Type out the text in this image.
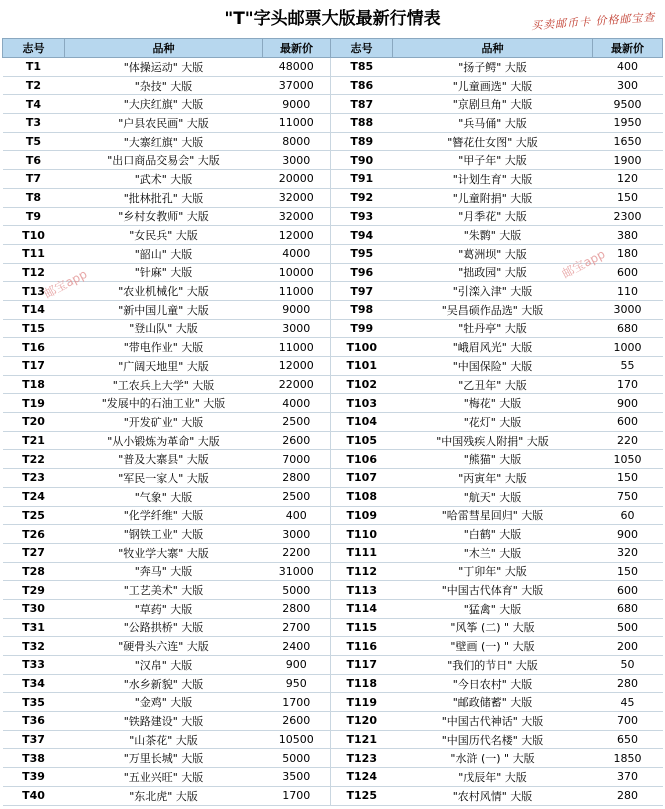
"T"字头邮票大版最新行情表	买卖邮币卡 价格邮宝查
志号	品种	最新价	志号	品种	最新价
T1	"体操运动" 大版	48000	T85	"扬子鳄" 大版	400
T2	"杂技" 大版	37000	T86	"儿童画选" 大版	300
T4	"大庆红旗" 大版	9000	T87	"京剧旦角" 大版	9500
T3	"户县农民画" 大版	11000	T88	"兵马俑" 大版	1950
T5	"大寨红旗" 大版	8000	T89	"簪花仕女图" 大版	1650
T6	"出口商品交易会" 大版	3000	T90	"甲子年" 大版	1900
T7	"武术" 大版	20000	T91	"计划生育" 大版	120
T8	"批林批孔" 大版	32000	T92	"儿童附捐" 大版	150
T9	"乡村女教师" 大版	32000	T93	"月季花" 大版	2300
T10	"女民兵" 大版	12000	T94	"朱鹮" 大版	380
T11	"韶山" 大版	4000	T95	"葛洲坝" 大版	180
T12	"针麻" 大版	10000	T96	"拙政园" 大版	600
T13	"农业机械化" 大版	11000	T97	"引滦入津" 大版	110
T14	"新中国儿童" 大版	9000	T98	"吴昌硕作品选" 大版	3000
T15	"登山队" 大版	3000	T99	"牡丹亭" 大版	680
T16	"带电作业" 大版	11000	T100	"峨眉风光" 大版	1000
T17	"广阔天地里" 大版	12000	T101	"中国保险" 大版	55
T18	"工农兵上大学" 大版	22000	T102	"乙丑年" 大版	170
T19	"发展中的石油工业" 大版	4000	T103	"梅花" 大版	900
T20	"开发矿业" 大版	2500	T104	"花灯" 大版	600
T21	"从小锻炼为革命" 大版	2600	T105	"中国残疾人附捐" 大版	220
T22	"普及大寨县" 大版	7000	T106	"熊猫" 大版	1050
T23	"军民一家人" 大版	2800	T107	"丙寅年" 大版	150
T24	"气象" 大版	2500	T108	"航天" 大版	750
T25	"化学纤维" 大版	400	T109	"哈雷彗星回归" 大版	60
T26	"钢铁工业" 大版	3000	T110	"白鹤" 大版	900
T27	"牧业学大寨" 大版	2200	T111	"木兰" 大版	320
T28	"奔马" 大版	31000	T112	"丁卯年" 大版	150
T29	"工艺美术" 大版	5000	T113	"中国古代体育" 大版	600
T30	"草药" 大版	2800	T114	"猛禽" 大版	680
T31	"公路拱桥" 大版	2700	T115	"风筝 (二) " 大版	500
T32	"硬骨头六连" 大版	2400	T116	"壁画 (一) " 大版	200
T33	"汉帛" 大版	900	T117	"我们的节日" 大版	50
T34	"水乡新貌" 大版	950	T118	"今日农村" 大版	280
T35	"金鸡" 大版	1700	T119	"邮政储蓄" 大版	45
T36	"铁路建设" 大版	2600	T120	"中国古代神话" 大版	700
T37	"山茶花" 大版	10500	T121	"中国历代名楼" 大版	650
T38	"万里长城" 大版	5000	T123	"水浒 (一) " 大版	1850
T39	"五业兴旺" 大版	3500	T124	"戊辰年" 大版	370
T40	"东北虎" 大版	1700	T125	"农村风情" 大版	280
邮宝app
邮宝app
